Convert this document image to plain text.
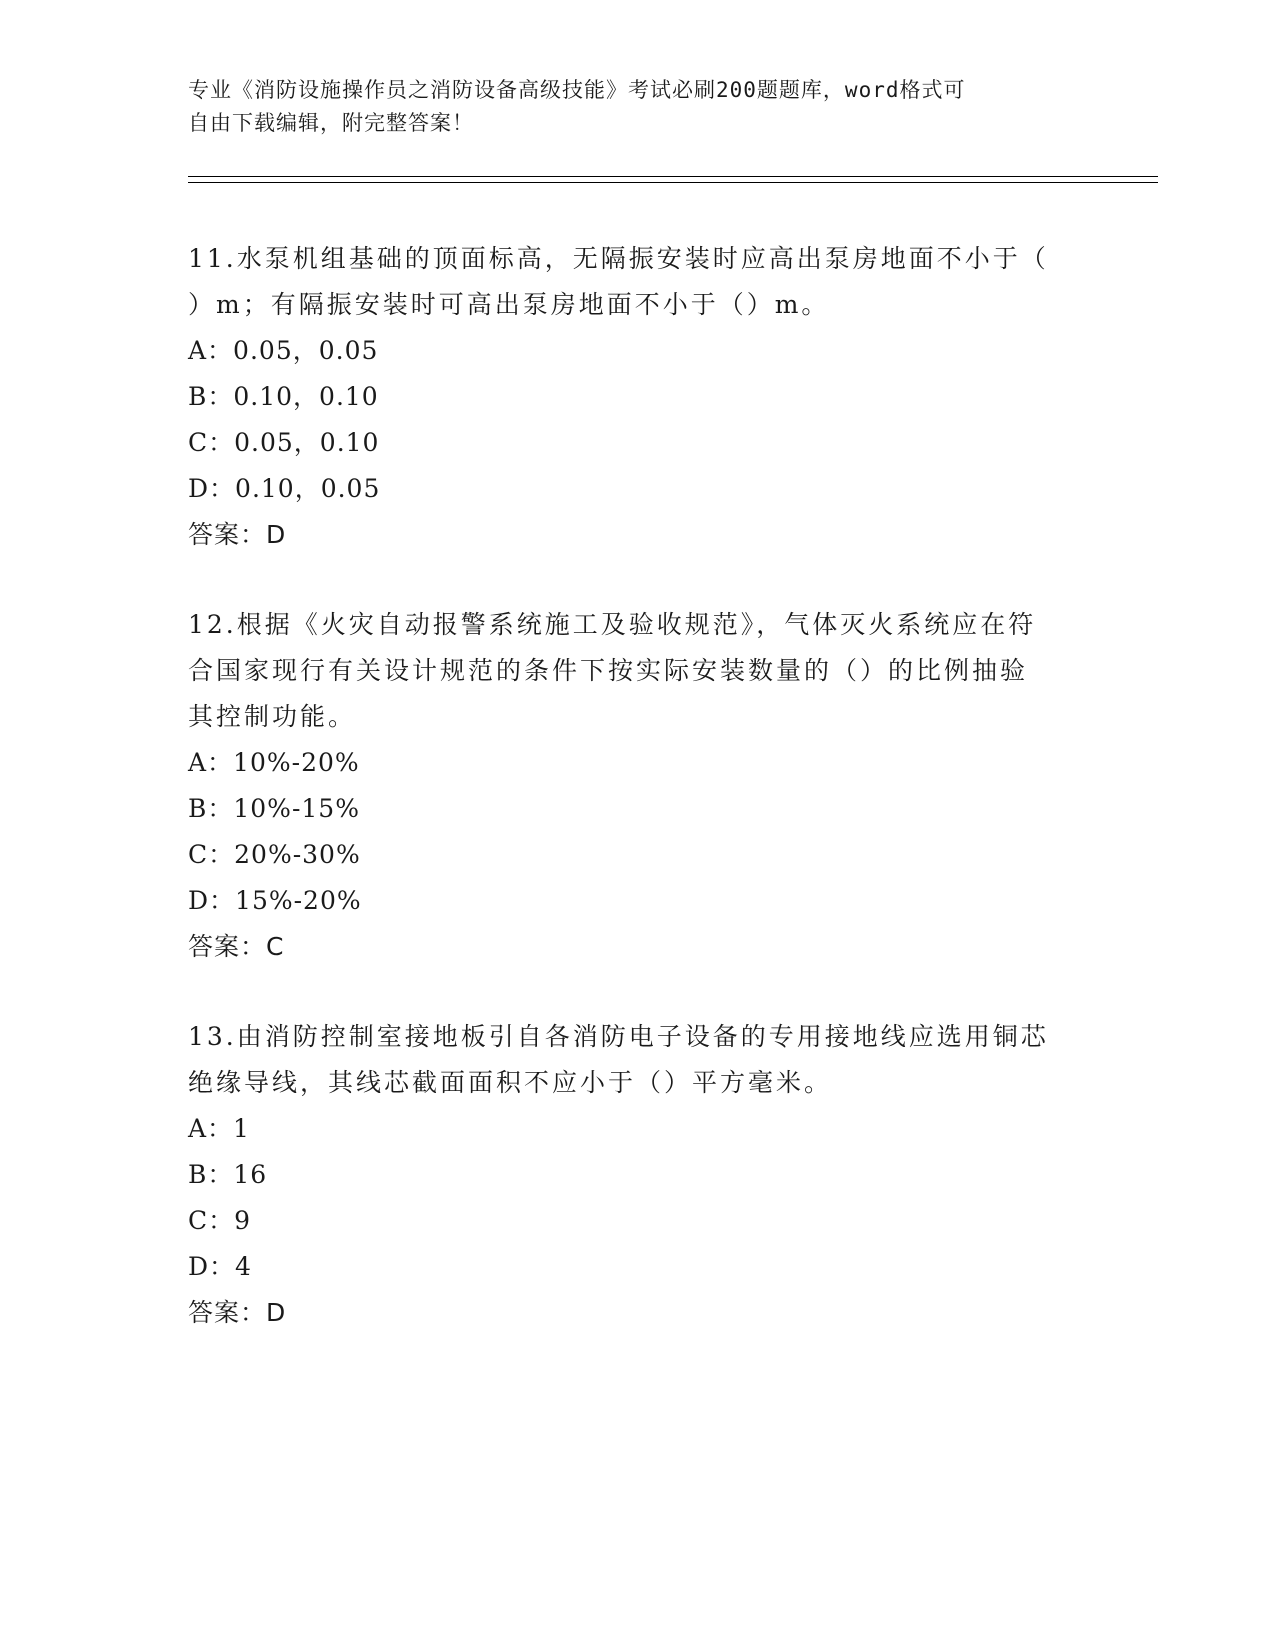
专业《消防设施操作员之消防设备高级技能》考试必刷200题题库，word格式可
自由下载编辑，附完整答案！
11.水泵机组基础的顶面标高，无隔振安装时应高出泵房地面不小于（
）m；有隔振安装时可高出泵房地面不小于（）m。
A：0.05，0.05
B：0.10，0.10
C：0.05，0.10
D：0.10，0.05
答案：D
12.根据《火灾自动报警系统施工及验收规范》，气体灭火系统应在符
合国家现行有关设计规范的条件下按实际安装数量的（）的比例抽验
其控制功能。
A：10%-20%
B：10%-15%
C：20%-30%
D：15%-20%
答案：C
13.由消防控制室接地板引自各消防电子设备的专用接地线应选用铜芯
绝缘导线，其线芯截面面积不应小于（）平方毫米。
A：1
B：16
C：9
D：4
答案：D
